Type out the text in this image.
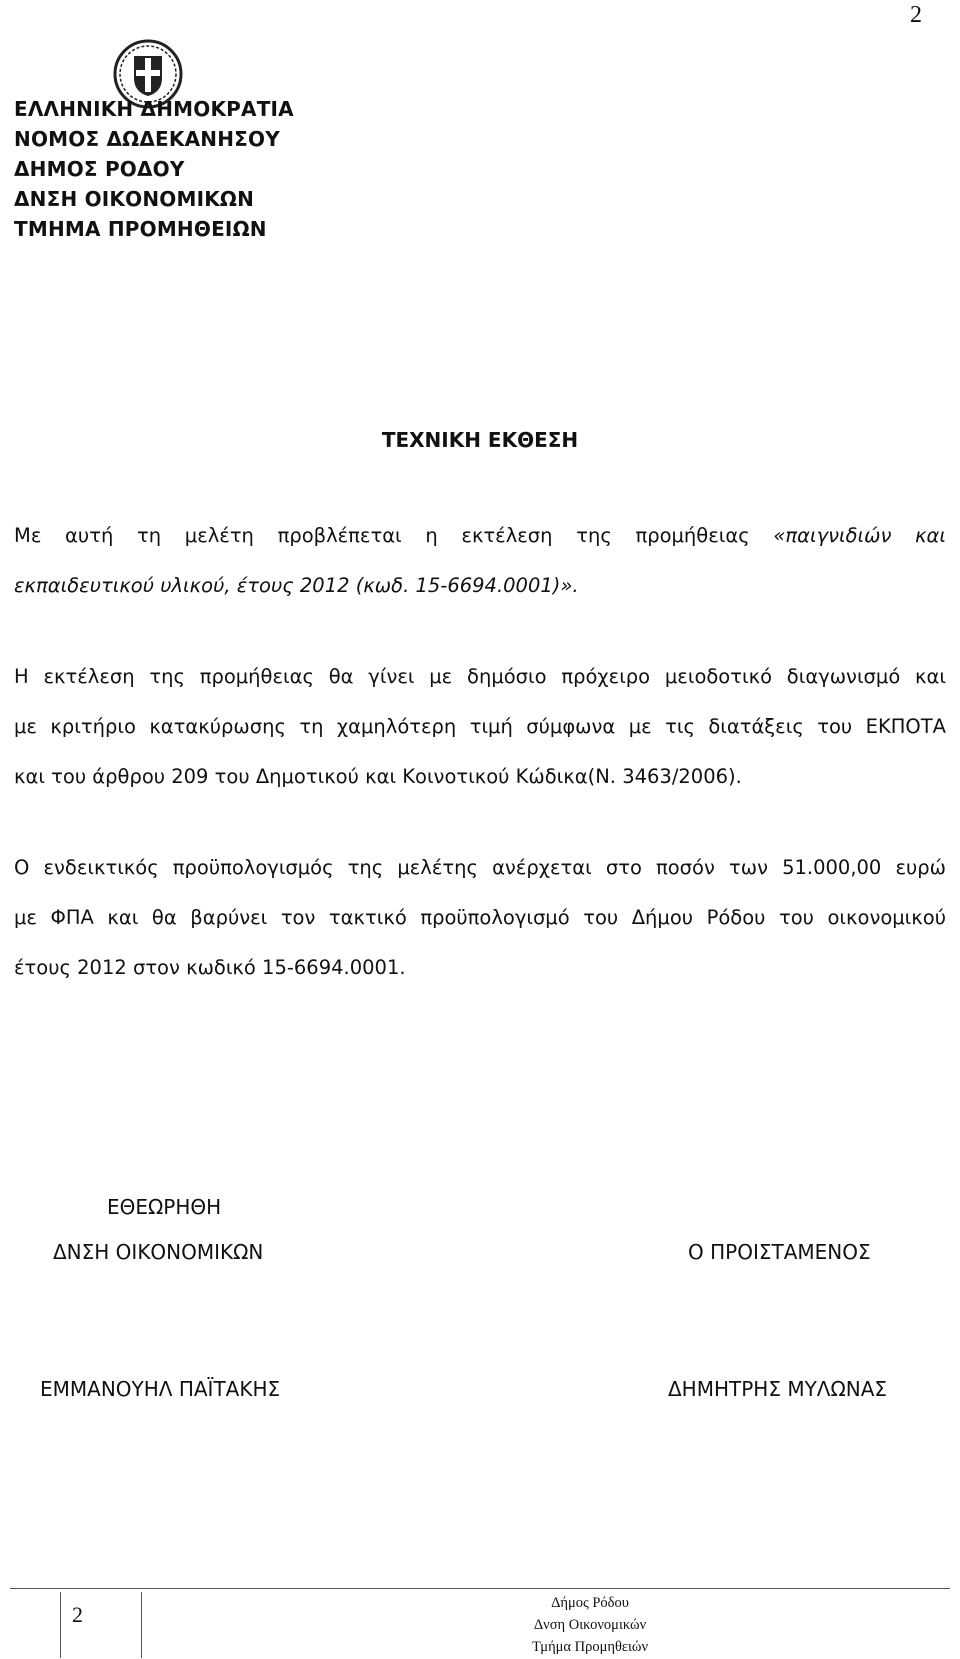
2
ΕΛΛΗΝΙΚΗ ΔΗΜΟΚΡΑΤΙΑ
ΝΟΜΟΣ ΔΩΔΕΚΑΝΗΣΟΥ
ΔΗΜΟΣ ΡΟΔΟΥ
ΔΝΣΗ ΟΙΚΟΝΟΜΙΚΩΝ
ΤΜΗΜΑ ΠΡΟΜΗΘΕΙΩΝ
ΤΕΧΝΙΚΗ ΕΚΘΕΣΗ

Με αυτή τη μελέτη προβλέπεται η εκτέλεση της προμήθειας «παιγνιδιών και

εκπαιδευτικού υλικού, έτους 2012 (κωδ. 15-6694.0001)».

Η εκτέλεση της προμήθειας θα γίνει με δημόσιο πρόχειρο μειοδοτικό διαγωνισμό και

με κριτήριο κατακύρωσης τη χαμηλότερη τιμή σύμφωνα με τις διατάξεις του ΕΚΠΟΤΑ

και του άρθρου 209 του Δημοτικού και Κοινοτικού Κώδικα(Ν. 3463/2006).

Ο ενδεικτικός προϋπολογισμός της μελέτης ανέρχεται στο ποσόν των 51.000,00 ευρώ

με ΦΠΑ και θα βαρύνει τον τακτικό προϋπολογισμό του Δήμου Ρόδου του οικονομικού

έτους 2012 στον κωδικό 15-6694.0001.

ΕΘΕΩΡΗΘΗ
ΔΝΣΗ ΟΙΚΟΝΟΜΙΚΩΝ	Ο ΠΡΟΙΣΤΑΜΕΝΟΣ
ΕΜΜΑΝΟΥΗΛ ΠΑΪΤΑΚΗΣ	ΔΗΜΗΤΡΗΣ ΜΥΛΩΝΑΣ
2	Δήμος Ρόδου
Δνση Οικονομικών
Τμήμα Προμηθειών
